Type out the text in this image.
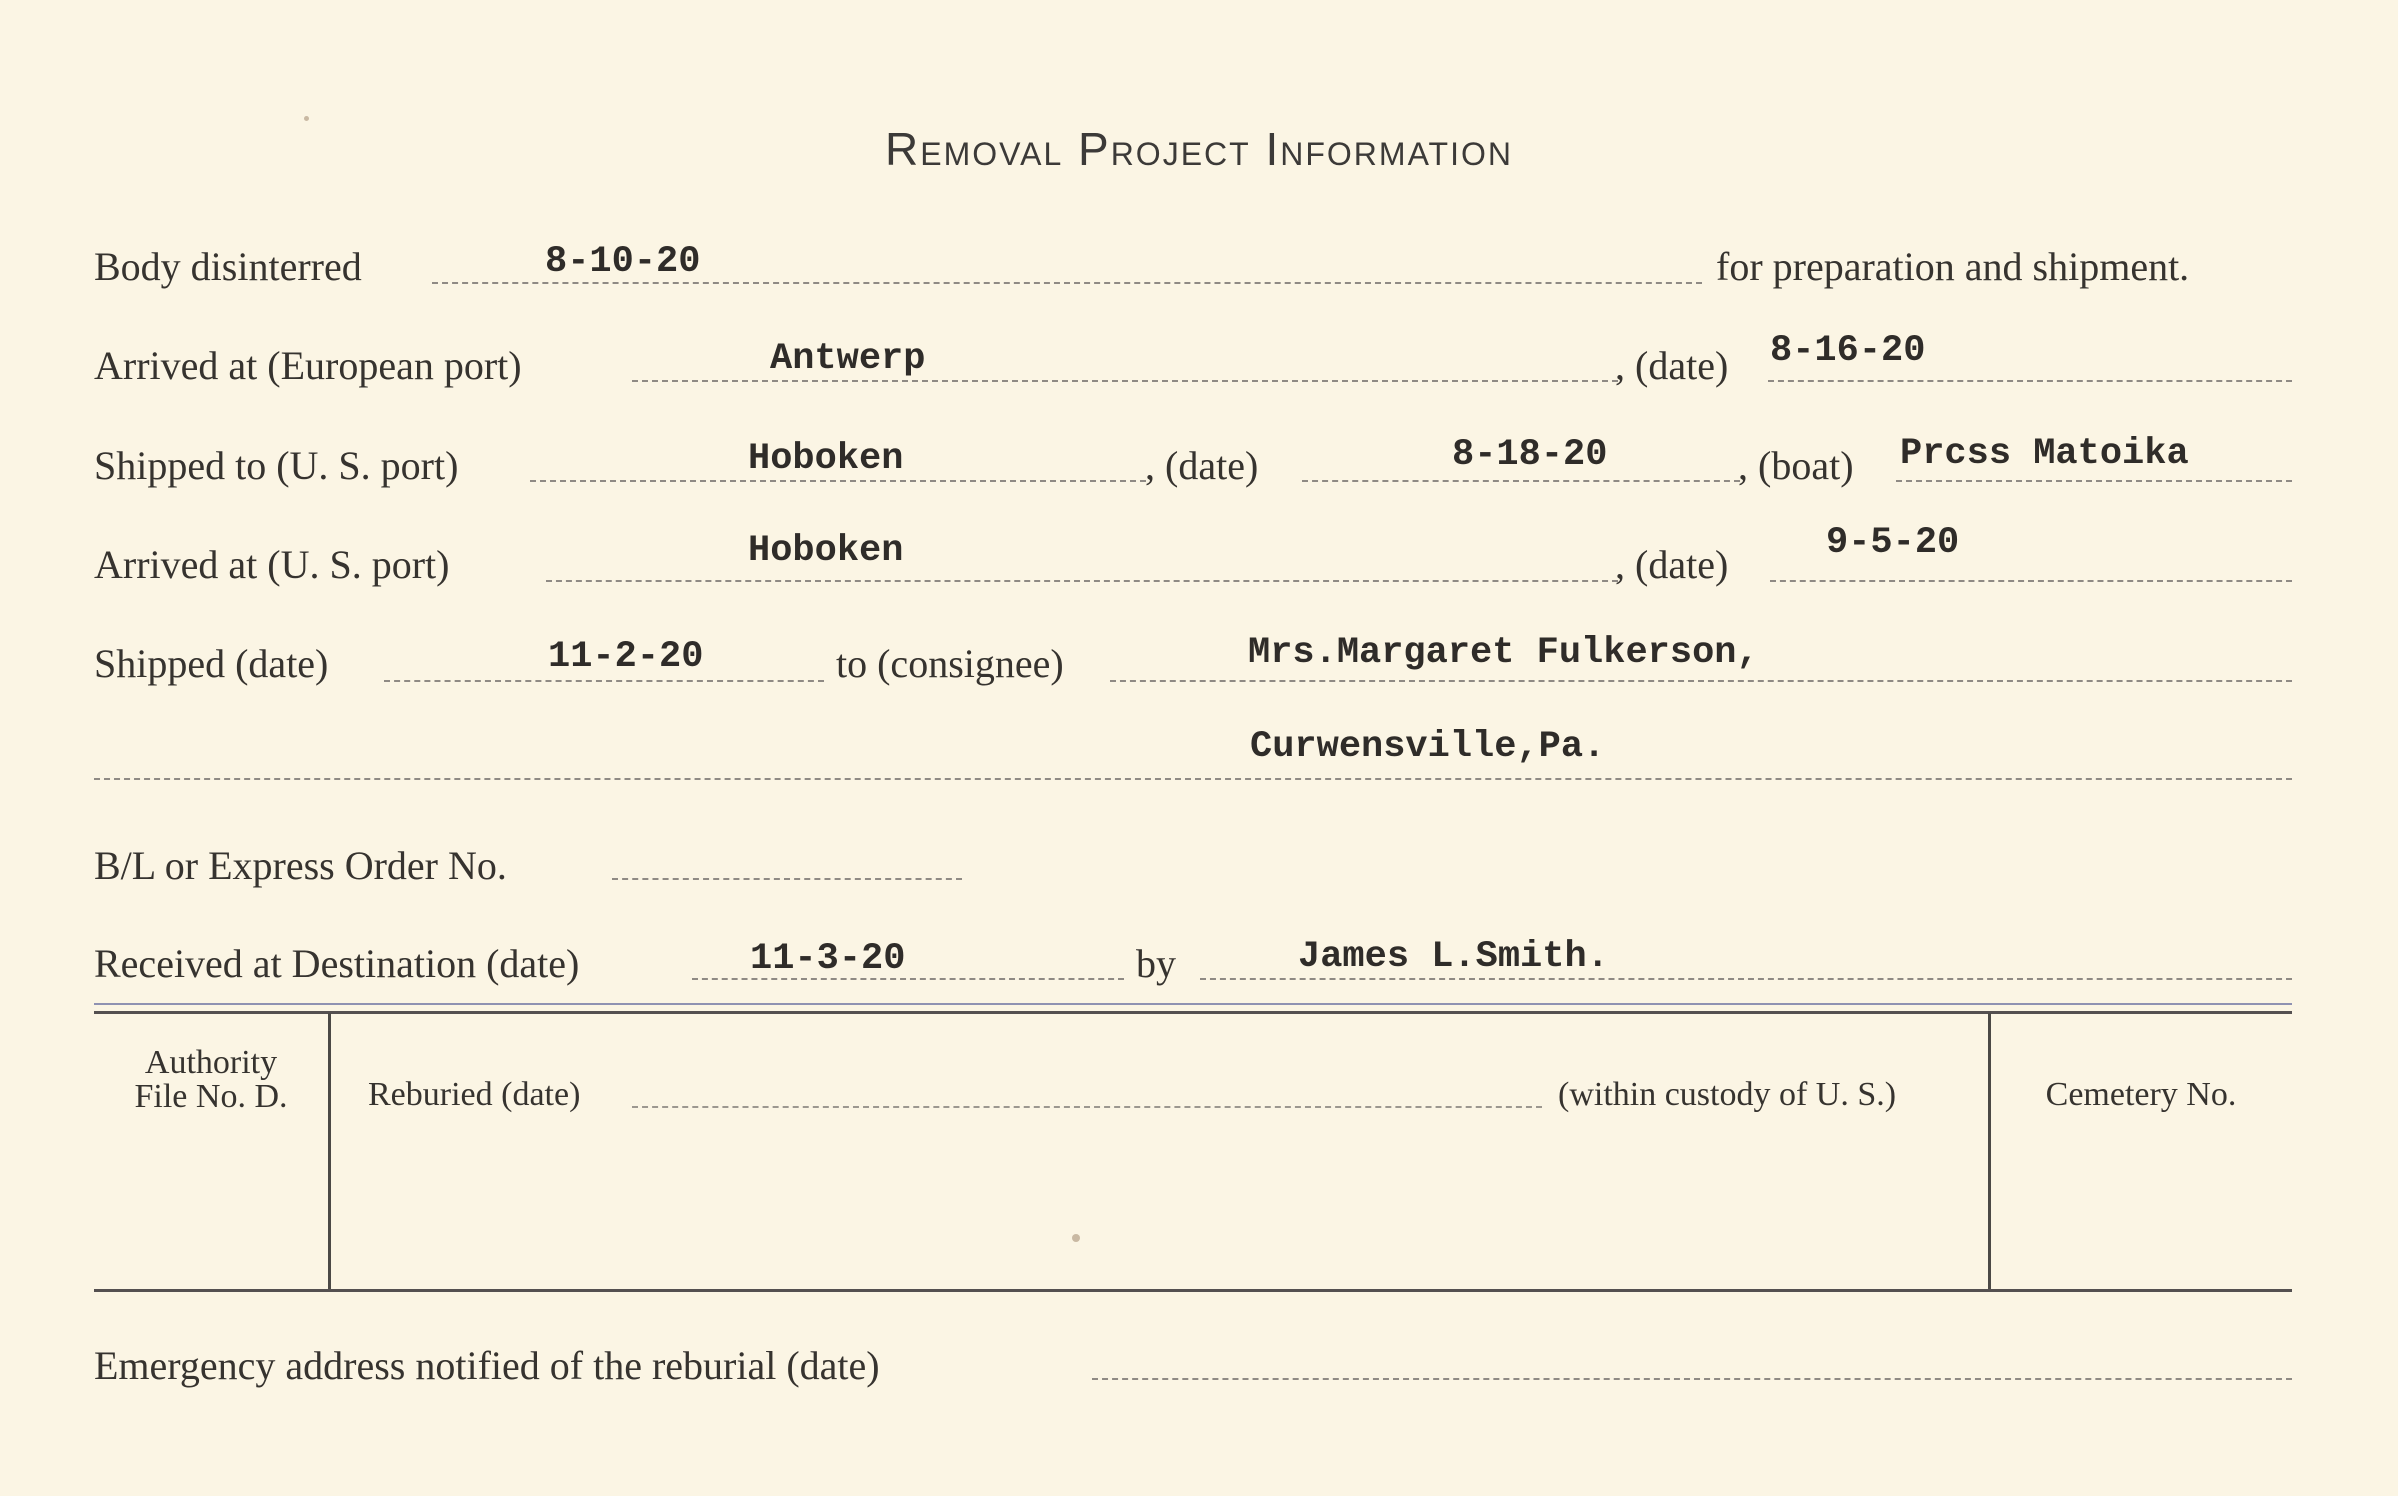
Removal Project Information
Body disinterred	8-10-20	for preparation and shipment.
Arrived at (European port)	Antwerp	, (date) 8-16-20
Shipped to (U. S. port)	Hoboken	, (date)	8-18-20	, (boat) Prcss Matoika
Arrived at (U. S. port)	Hoboken	, (date)	9-5-20
Shipped (date)	11-2-20	to (consignee)	Mrs.Margaret Fulkerson,
Curwensville,Pa.
B/L or Express Order No.
Received at Destination (date)	11-3-20	by	James L.Smith.
Authority
File No. D.	Reburied (date)	(within custody of U. S.)	Cemetery No.
Emergency address notified of the reburial (date)
